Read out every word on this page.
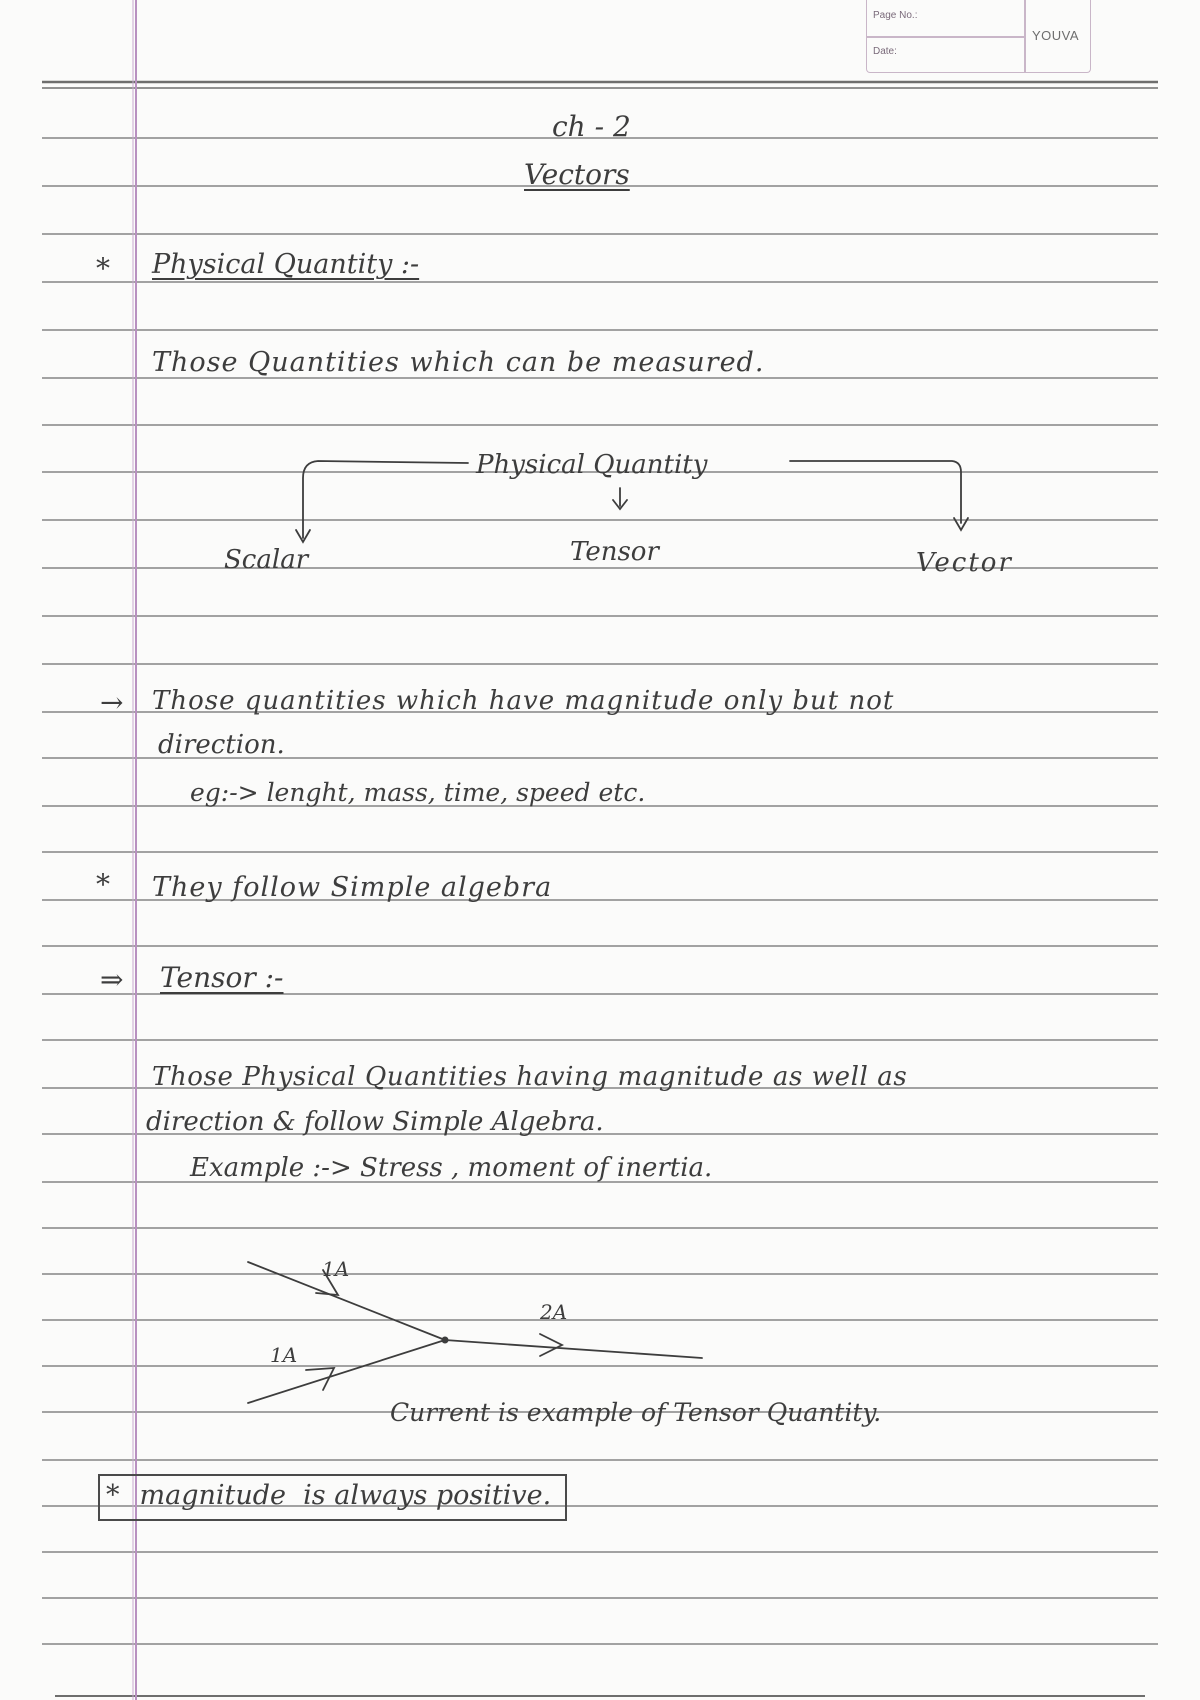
Page No.:
Date:
YOUVA
ch - 2
Vectors
* Physical Quantity :-
Those Quantities which can be measured.
Physical Quantity
Scalar	Tensor	Vector
→ Those quantities which have magnitude only but not
direction.
eg:-> lenght, mass, time, speed etc.
* They follow Simple algebra
⇒ Tensor :-
Those Physical Quantities having magnitude as well as
direction & follow Simple Algebra.
Example :-> Stress , moment of inertia.
1A
1A
2A
Current is example of Tensor Quantity.
* magnitude  is always positive.
